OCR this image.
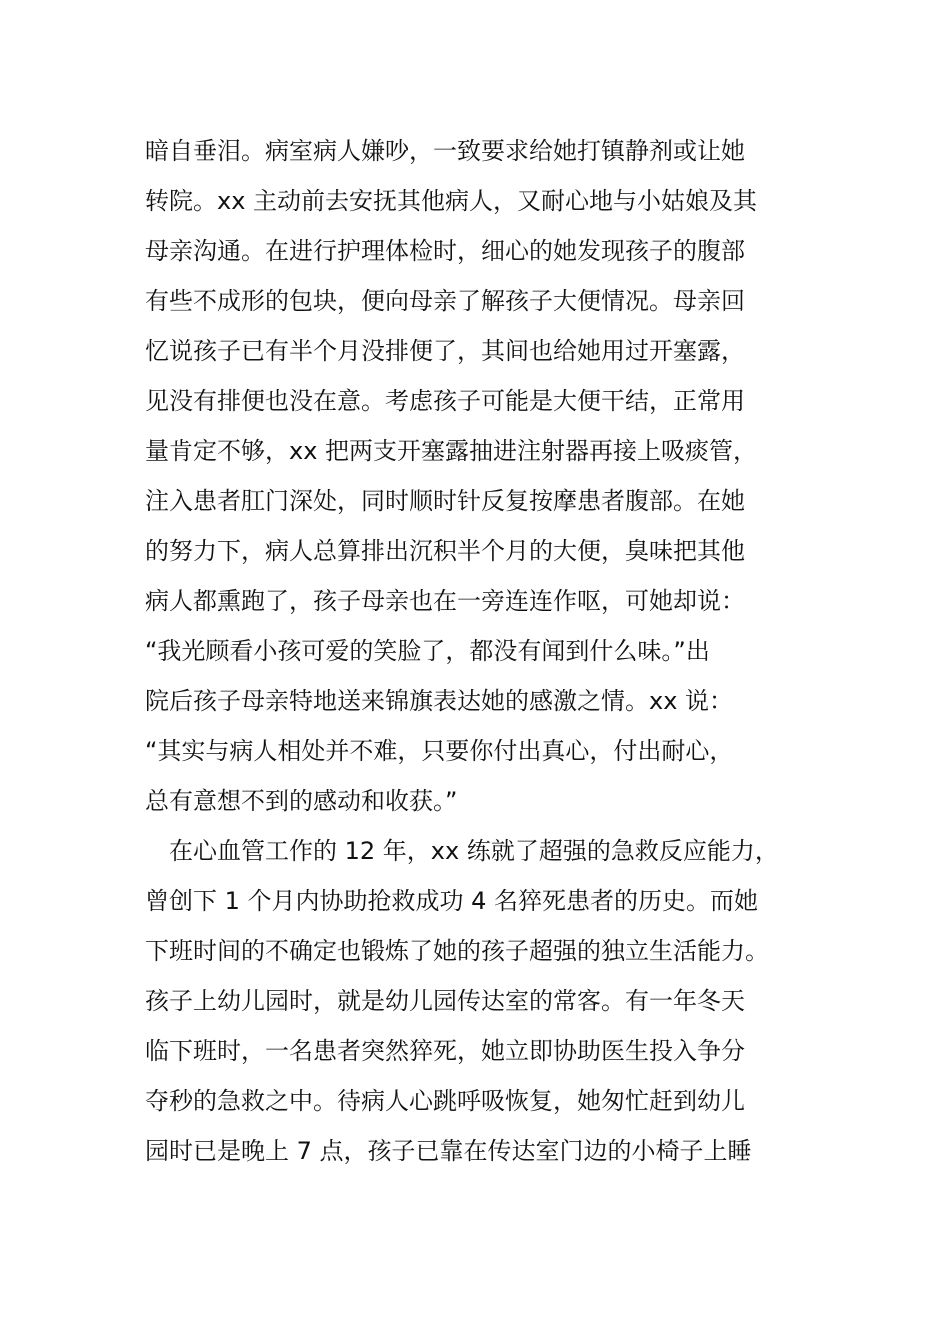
暗自垂泪。病室病人嫌吵，一致要求给她打镇静剂或让她
转院。xx 主动前去安抚其他病人，又耐心地与小姑娘及其
母亲沟通。在进行护理体检时，细心的她发现孩子的腹部
有些不成形的包块，便向母亲了解孩子大便情况。母亲回
忆说孩子已有半个月没排便了，其间也给她用过开塞露，
见没有排便也没在意。考虑孩子可能是大便干结，正常用
量肯定不够，xx 把两支开塞露抽进注射器再接上吸痰管，
注入患者肛门深处，同时顺时针反复按摩患者腹部。在她
的努力下，病人总算排出沉积半个月的大便，臭味把其他
病人都熏跑了，孩子母亲也在一旁连连作呕，可她却说：
“我光顾看小孩可爱的笑脸了，都没有闻到什么味。”出
院后孩子母亲特地送来锦旗表达她的感激之情。xx 说：
“其实与病人相处并不难，只要你付出真心，付出耐心，
总有意想不到的感动和收获。”
　在心血管工作的 12 年，xx 练就了超强的急救反应能力，
曾创下 1 个月内协助抢救成功 4 名猝死患者的历史。而她
下班时间的不确定也锻炼了她的孩子超强的独立生活能力。
孩子上幼儿园时，就是幼儿园传达室的常客。有一年冬天
临下班时，一名患者突然猝死，她立即协助医生投入争分
夺秒的急救之中。待病人心跳呼吸恢复，她匆忙赶到幼儿
园时已是晚上 7 点，孩子已靠在传达室门边的小椅子上睡
